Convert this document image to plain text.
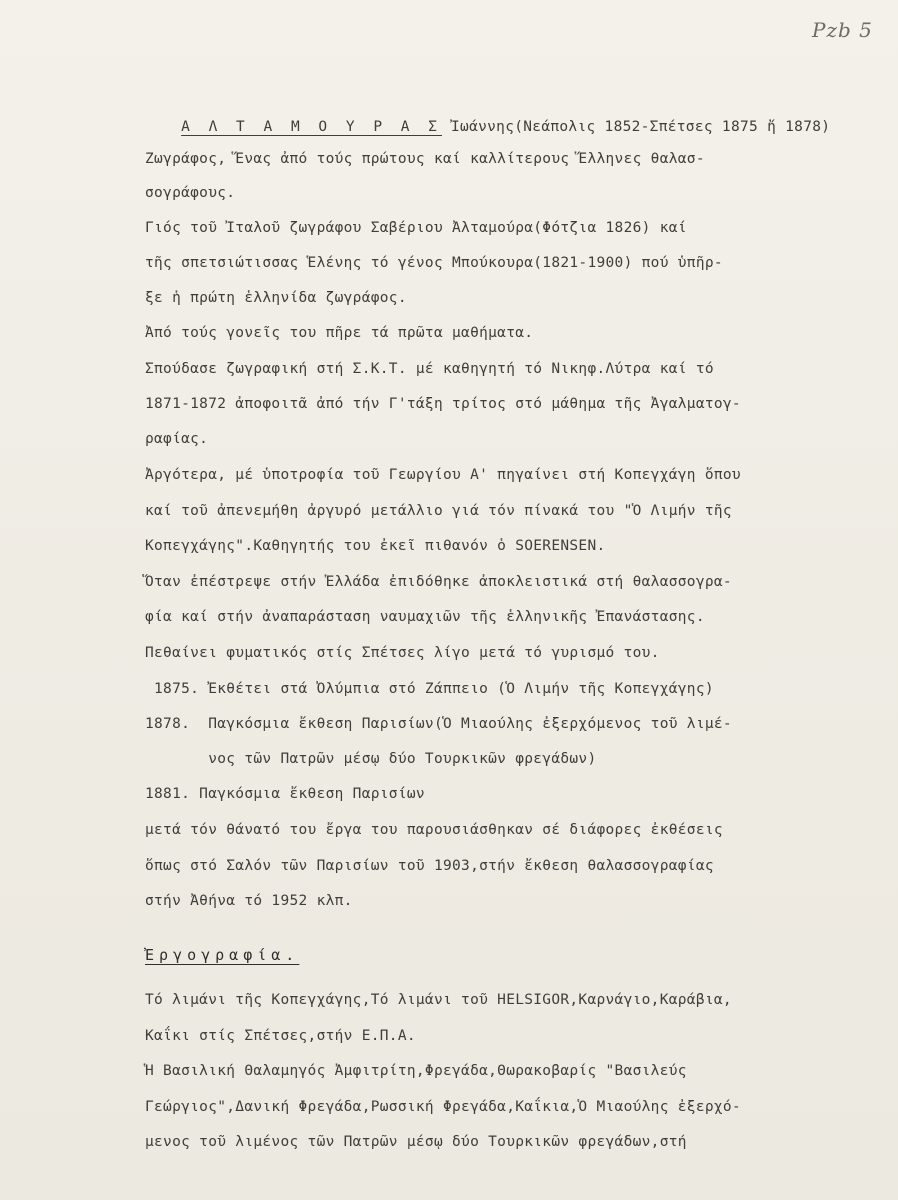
Pzb 5

Α Λ Τ Α Μ Ο Υ Ρ Α Σ Ἰωάννης(Νεάπολις 1852-Σπέτσες 1875 ἤ 1878)

Ζωγράφος, Ἕνας ἀπό τούς πρώτους καί καλλίτερους Ἕλληνες θαλασ-
σογράφους.
Γιός τοῦ Ἰταλοῦ ζωγράφου Σαβέριου Ἀλταμούρα(Φότζια 1826) καί
τῆς σπετσιώτισσας Ἑλένης τό γένος Μπούκουρα(1821-1900) πού ὑπῆρ-
ξε ἡ πρώτη ἑλληνίδα ζωγράφος.
Ἀπό τούς γονεῖς του πῆρε τά πρῶτα μαθήματα.
Σπούδασε ζωγραφική στή Σ.Κ.Τ. μέ καθηγητή τό Νικηφ.Λύτρα καί τό
1871-1872 ἀποφοιτᾶ ἀπό τήν Γ'τάξη τρίτος στό μάθημα τῆς Ἀγαλματογ-
ραφίας.
Ἀργότερα, μέ ὑποτροφία τοῦ Γεωργίου Α' πηγαίνει στή Κοπεγχάγη ὅπου
καί τοῦ ἀπενεμήθη ἀργυρό μετάλλιο γιά τόν πίνακά του "Ὁ Λιμήν τῆς
Κοπεγχάγης".Καθηγητής του ἐκεῖ πιθανόν ὁ SOERENSEN.
Ὅταν ἐπέστρεψε στήν Ἑλλάδα ἐπιδόθηκε ἀποκλειστικά στή θαλασσογρα-
φία καί στήν ἀναπαράσταση ναυμαχιῶν τῆς ἑλληνικῆς Ἐπανάστασης.
Πεθαίνει φυματικός στίς Σπέτσες λίγο μετά τό γυρισμό του.
1875. Ἐκθέτει στά Ὀλύμπια στό Ζάππειο (Ὁ Λιμήν τῆς Κοπεγχάγης)
1878.  Παγκόσμια ἔκθεση Παρισίων(Ὁ Μιαούλης ἐξερχόμενος τοῦ λιμέ-
νος τῶν Πατρῶν μέσῳ δύο Τουρκικῶν φρεγάδων)
1881. Παγκόσμια ἔκθεση Παρισίων
μετά τόν θάνατό του ἔργα του παρουσιάσθηκαν σέ διάφορες ἐκθέσεις
ὅπως στό Σαλόν τῶν Παρισίων τοῦ 1903,στήν ἔκθεση θαλασσογραφίας
στήν Ἀθήνα τό 1952 κλπ.
Ἐργογραφία.
Τό λιμάνι τῆς Κοπεγχάγης,Τό λιμάνι τοῦ HELSIGOR,Καρνάγιο,Καράβια,
Καΐκι στίς Σπέτσες,στήν Ε.Π.Α.
Ἡ Βασιλική Θαλαμηγός Ἀμφιτρίτη,Φρεγάδα,Θωρακοβαρίς "Βασιλεύς
Γεώργιος",Δανική Φρεγάδα,Ρωσσική Φρεγάδα,Καΐκια,Ὁ Μιαούλης ἐξερχό-
μενος τοῦ λιμένος τῶν Πατρῶν μέσῳ δύο Τουρκικῶν φρεγάδων,στή
